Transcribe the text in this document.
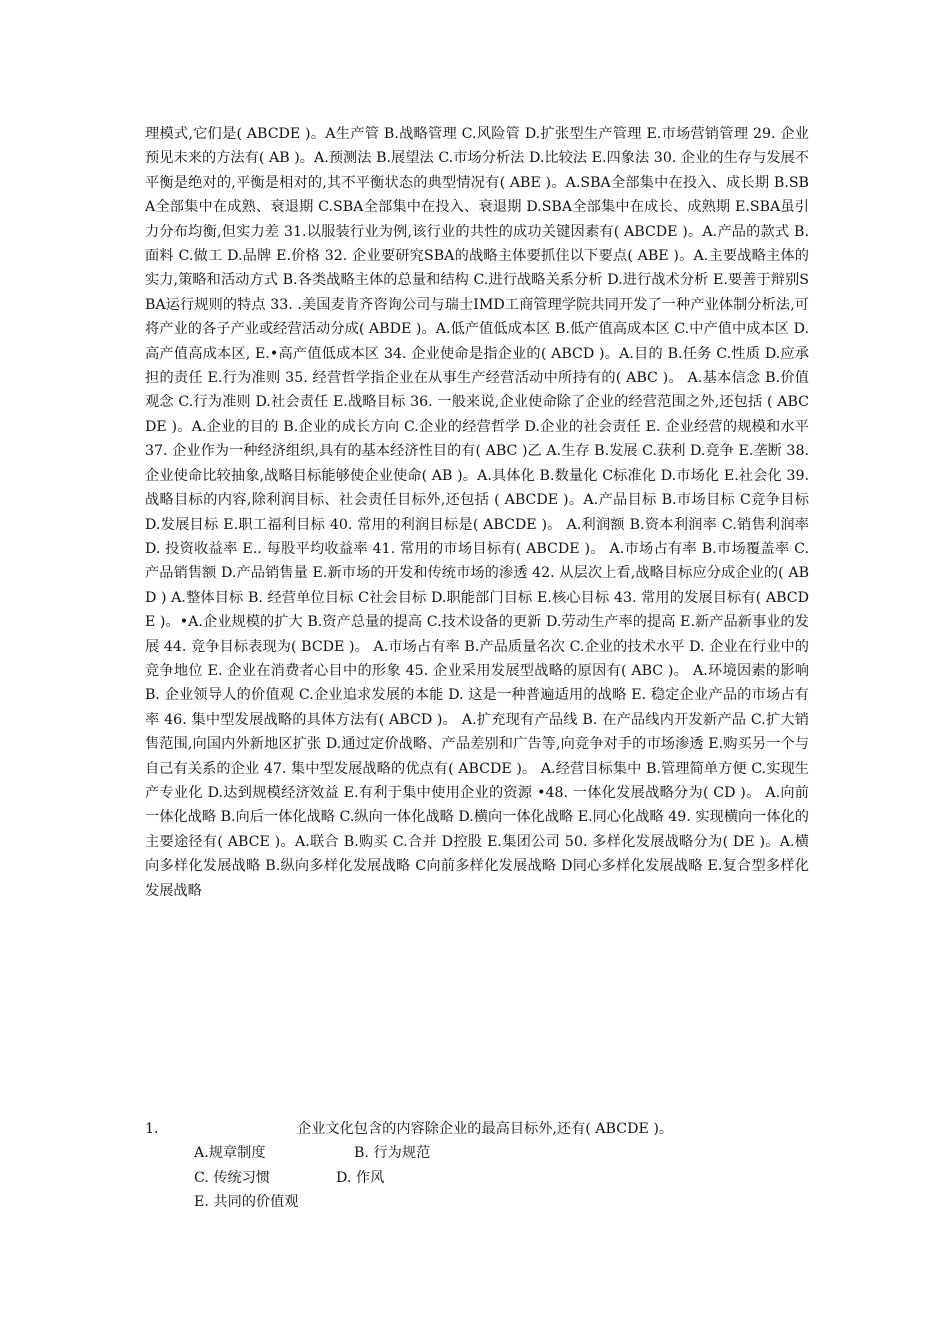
理模式,它们是( ABCDE )。A生产管 B.战略管理 C.风险管 D.扩张型生产管理 E.市场营销管理 29. 企业预见未来的方法有( AB )。A.预测法 B.展望法 C.市场分析法 D.比较法 E.四象法 30. 企业的生存与发展不平衡是绝对的,平衡是相对的,其不平衡状态的典型情况有( ABE )。A.SBA全部集中在投入、成长期 B.SBA全部集中在成熟、衰退期 C.SBA全部集中在投入、衰退期 D.SBA全部集中在成长、成熟期 E.SBA虽引力分布均衡,但实力差 31.以服装行业为例,该行业的共性的成功关键因素有( ABCDE )。A.产品的款式 B.面料 C.做工 D.品牌 E.价格 32. 企业要研究SBA的战略主体要抓住以下要点( ABE )。A.主要战略主体的实力,策略和活动方式 B.各类战略主体的总量和结构 C.进行战略关系分析 D.进行战术分析 E.要善于辩别SBA运行规则的特点 33. .美国麦肯齐咨询公司与瑞士IMD工商管理学院共同开发了一种产业体制分析法,可将产业的各子产业或经营活动分成( ABDE )。A.低产值低成本区 B.低产值高成本区 C.中产值中成本区 D.高产值高成本区, E.•高产值低成本区 34. 企业使命是指企业的( ABCD )。A.目的 B.任务 C.性质 D.应承担的责任 E.行为准则 35. 经营哲学指企业在从事生产经营活动中所持有的( ABC )。 A.基本信念 B.价值观念 C.行为准则 D.社会责任 E.战略目标 36. 一般来说,企业使命除了企业的经营范围之外,还包括 ( ABCDE )。A.企业的目的 B.企业的成长方向 C.企业的经营哲学 D.企业的社会责任 E. 企业经营的规模和水平 37. 企业作为一种经济组织,具有的基本经济性目的有( ABC )乙 A.生存 B.发展 C.获利 D.竞争 E.垄断 38. 企业使命比较抽象,战略目标能够使企业使命( AB )。A.具体化 B.数量化 C标准化 D.市场化 E.社会化 39. 战略目标的内容,除利润目标、社会责任目标外,还包括 ( ABCDE )。A.产品目标 B.市场目标 C竞争目标 D.发展目标 E.职工福利目标 40. 常用的利润目标是( ABCDE )。 A.利润额 B.资本利润率 C.销售利润率 D. 投资收益率 E.. 每股平均收益率 41. 常用的市场目标有( ABCDE )。 A.市场占有率 B.市场覆盖率 C.产品销售额 D.产品销售量 E.新市场的开发和传统市场的渗透 42. 从层次上看,战略目标应分成企业的( ABD ) A.整体目标 B. 经营单位目标 C社会目标 D.职能部门目标 E.核心目标 43. 常用的发展目标有( ABCDE )。•A.企业规模的扩大 B.资产总量的提高 C.技术设备的更新 D.劳动生产率的提高 E.新产品新事业的发展 44. 竞争目标表现为( BCDE )。 A.市场占有率 B.产品质量名次 C.企业的技术水平 D. 企业在行业中的竞争地位 E. 企业在消费者心目中的形象 45. 企业采用发展型战略的原因有( ABC )。 A.环境因素的影响 B. 企业领导人的价值观 C.企业追求发展的本能 D. 这是一种普遍适用的战略 E. 稳定企业产品的市场占有率 46. 集中型发展战略的具体方法有( ABCD )。 A.扩充现有产品线 B. 在产品线内开发新产品 C.扩大销售范围,向国内外新地区扩张 D.通过定价战略、产品差别和广告等,向竞争对手的市场渗透 E.购买另一个与自己有关系的企业 47. 集中型发展战略的优点有( ABCDE )。 A.经营目标集中 B.管理简单方便 C.实现生产专业化 D.达到规模经济效益 E.有利于集中使用企业的资源 •48. 一体化发展战略分为( CD )。 A.向前一体化战略 B.向后一体化战略 C.纵向一体化战略 D.横向一体化战略 E.同心化战略 49. 实现横向一体化的主要途径有( ABCE )。A.联合 B.购买 C.合并 D控股 E.集团公司 50. 多样化发展战略分为( DE )。A.横向多样化发展战略 B.纵向多样化发展战略 C向前多样化发展战略 D同心多样化发展战略 E.复合型多样化发展战略
1.	企业文化包含的内容除企业的最高目标外,还有( ABCDE )。
A.规章制度	B. 行为规范
C. 传统习惯	D. 作风
E. 共同的价值观
